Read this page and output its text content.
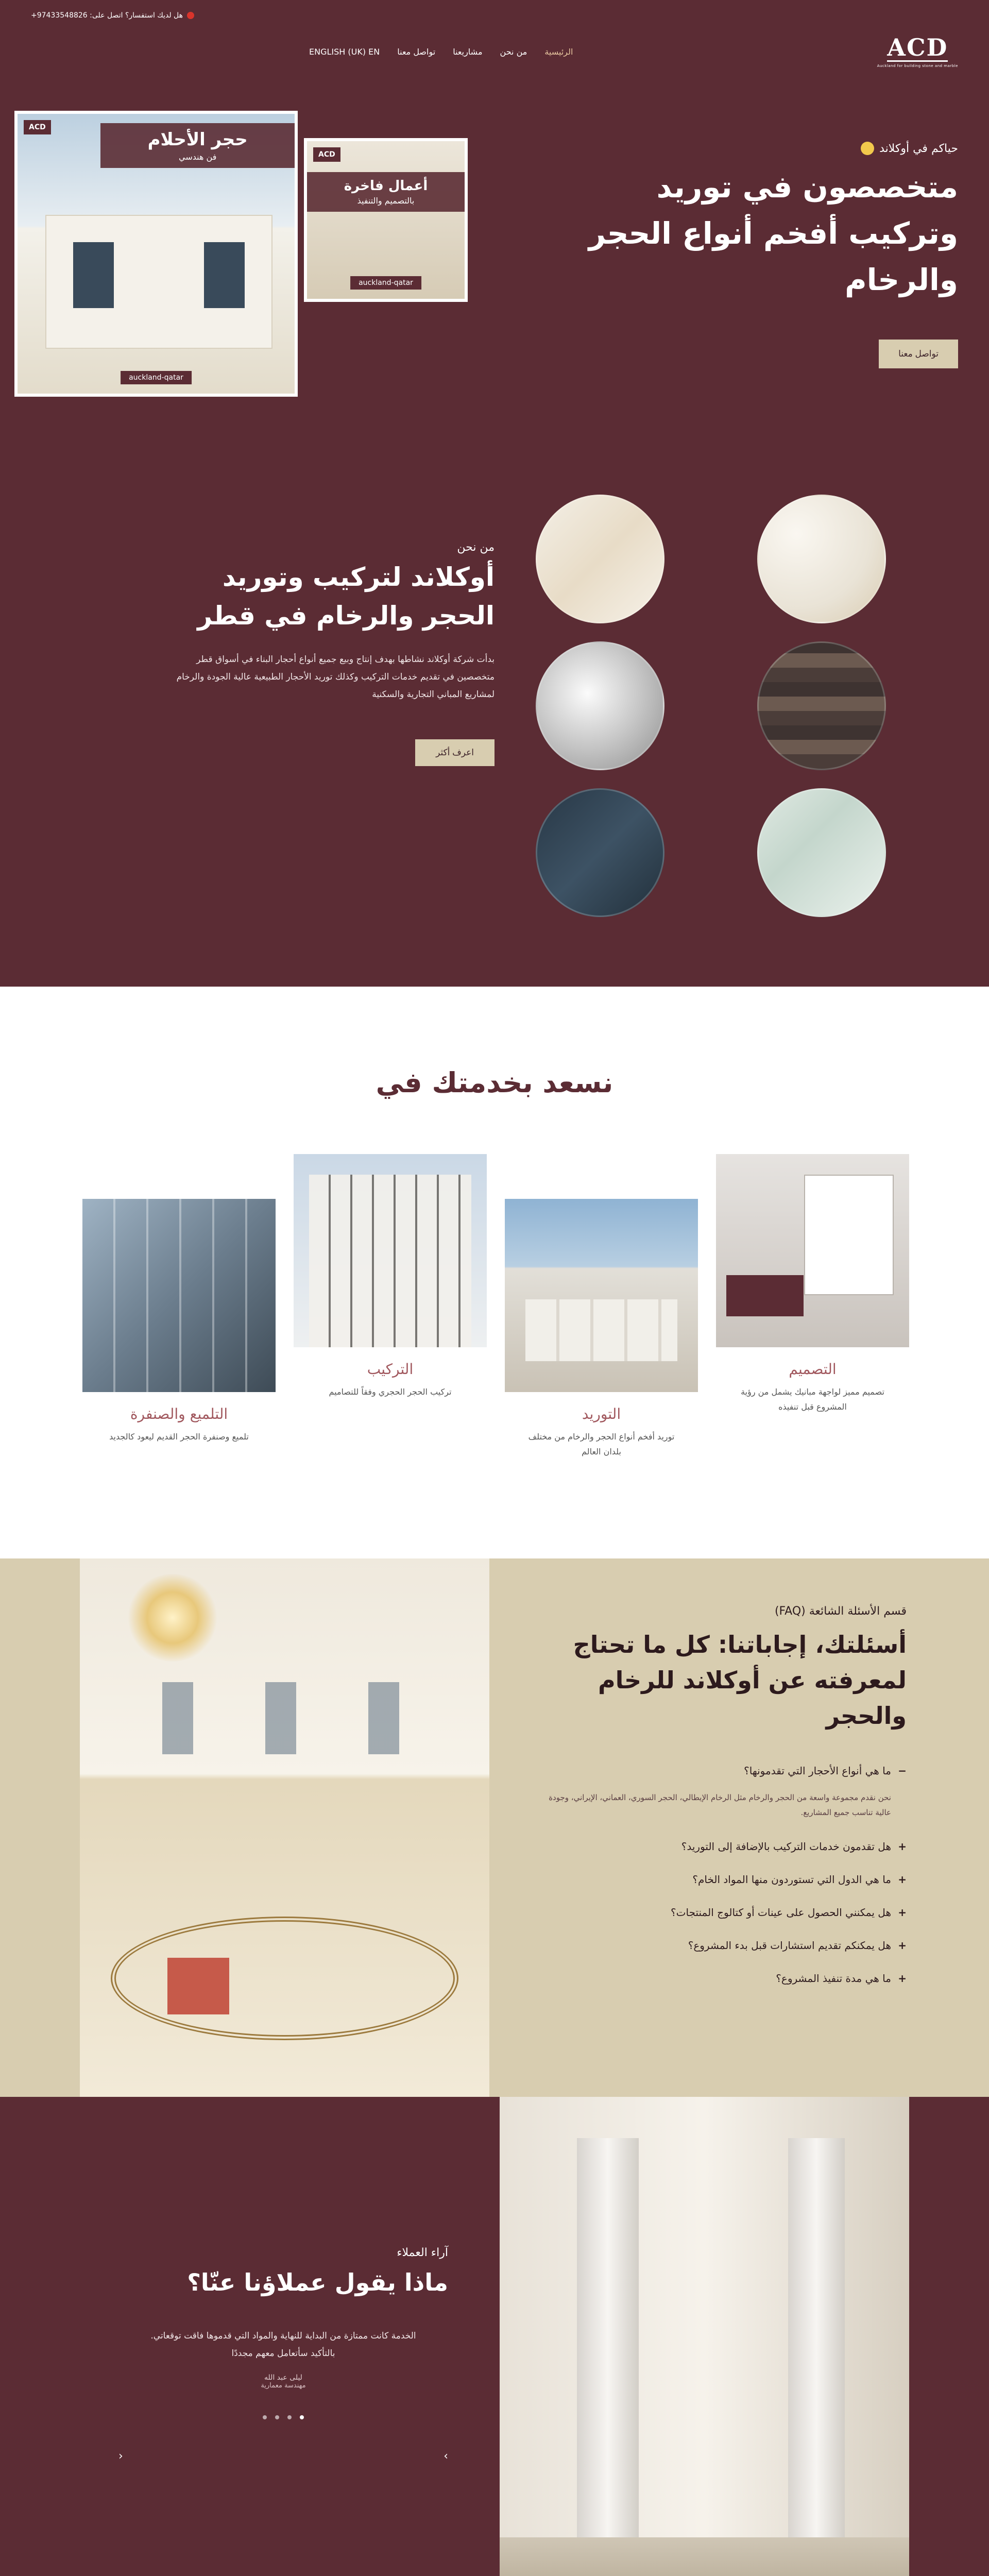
هل لديك استفسار؟ اتصل على: 97433548826+
ACD
Auckland for building stone and marble
الرئيسية
من نحن
مشاريعنا
تواصل معنا
ENGLISH (UK) EN
حياكم في أوكلاند
متخصصون في توريد وتركيب أفخم أنواع الحجر والرخام
تواصل معنا
ACD
أعمال فاخرة
بالتصميم والتنفيذ
auckland-qatar
ACD
حجر الأحلام
فن هندسي
auckland-qatar
من نحن
أوكلاند لتركيب وتوريد الحجر والرخام في قطر

بدأت شركة أوكلاند نشاطها بهدف إنتاج وبيع جميع أنواع أحجار البناء في أسواق قطر متخصصين في تقديم خدمات التركيب وكذلك توريد الأحجار الطبيعية عالية الجودة والرخام لمشاريع المباني التجارية والسكنية

اعرف أكثر
نسعد بخدمتك في
التصميم

تصميم مميز لواجهة مبانيك يشمل من رؤية المشروع قبل تنفيذه

التوريد

توريد أفخم أنواع الحجر والرخام من مختلف بلدان العالم

التركيب

تركيب الحجر الحجري وفقاً للتصاميم

التلميع والصنفرة

تلميع وصنفرة الحجر القديم ليعود كالجديد

قسم الأسئلة الشائعة (FAQ)
أسئلتك، إجاباتنا: كل ما تحتاج لمعرفته عن أوكلاند للرخام والحجر
−
ما هي أنواع الأحجار التي تقدمونها؟
نحن نقدم مجموعة واسعة من الحجر والرخام مثل الرخام الإيطالي، الحجر السوري، العماني، الإيراني، وجودة عالية تناسب جميع المشاريع.
+
هل تقدمون خدمات التركيب بالإضافة إلى التوريد؟
+
ما هي الدول التي تستوردون منها المواد الخام؟
+
هل يمكنني الحصول على عينات أو كتالوج المنتجات؟
+
هل يمكنكم تقديم استشارات قبل بدء المشروع؟
+
ما هي مدة تنفيذ المشروع؟
آراء العملاء
ماذا يقول عملاؤنا عنّا؟
›
‹

الخدمة كانت ممتازة من البداية للنهاية والمواد التي قدموها فاقت توقعاتي. بالتأكيد سأتعامل معهم مجددًا

ليلى عبد الله
مهندسة معمارية
